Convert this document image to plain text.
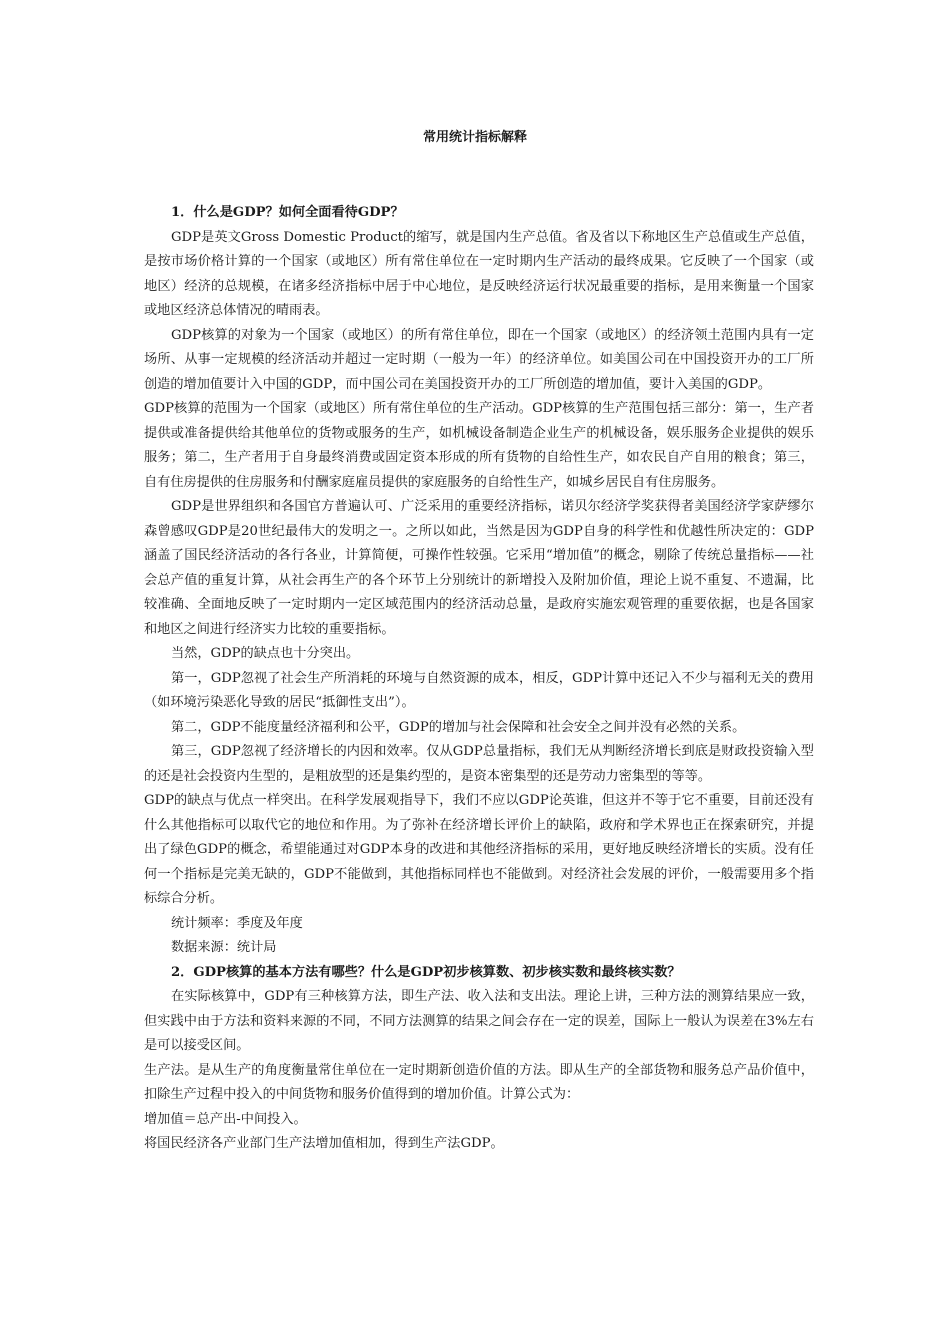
常用统计指标解释

1．什么是GDP？如何全面看待GDP？

GDP是英文Gross Domestic Product的缩写，就是国内生产总值。省及省以下称地区生产总值或生产总值，是按市场价格计算的一个国家（或地区）所有常住单位在一定时期内生产活动的最终成果。它反映了一个国家（或地区）经济的总规模，在诸多经济指标中居于中心地位，是反映经济运行状况最重要的指标，是用来衡量一个国家或地区经济总体情况的晴雨表。

GDP核算的对象为一个国家（或地区）的所有常住单位，即在一个国家（或地区）的经济领土范围内具有一定场所、从事一定规模的经济活动并超过一定时期（一般为一年）的经济单位。如美国公司在中国投资开办的工厂所创造的增加值要计入中国的GDP，而中国公司在美国投资开办的工厂所创造的增加值，要计入美国的GDP。

GDP核算的范围为一个国家（或地区）所有常住单位的生产活动。GDP核算的生产范围包括三部分：第一，生产者提供或准备提供给其他单位的货物或服务的生产，如机械设备制造企业生产的机械设备，娱乐服务企业提供的娱乐服务；第二，生产者用于自身最终消费或固定资本形成的所有货物的自给性生产，如农民自产自用的粮食；第三，自有住房提供的住房服务和付酬家庭雇员提供的家庭服务的自给性生产，如城乡居民自有住房服务。

GDP是世界组织和各国官方普遍认可、广泛采用的重要经济指标，诺贝尔经济学奖获得者美国经济学家萨缪尔森曾感叹GDP是20世纪最伟大的发明之一。之所以如此，当然是因为GDP自身的科学性和优越性所决定的：GDP涵盖了国民经济活动的各行各业，计算简便，可操作性较强。它采用“增加值”的概念，剔除了传统总量指标——社会总产值的重复计算，从社会再生产的各个环节上分别统计的新增投入及附加价值，理论上说不重复、不遗漏，比较准确、全面地反映了一定时期内一定区域范围内的经济活动总量，是政府实施宏观管理的重要依据，也是各国家和地区之间进行经济实力比较的重要指标。

当然，GDP的缺点也十分突出。

第一，GDP忽视了社会生产所消耗的环境与自然资源的成本，相反，GDP计算中还记入不少与福利无关的费用（如环境污染恶化导致的居民“抵御性支出”）。

第二，GDP不能度量经济福利和公平，GDP的增加与社会保障和社会安全之间并没有必然的关系。

第三，GDP忽视了经济增长的内因和效率。仅从GDP总量指标，我们无从判断经济增长到底是财政投资输入型的还是社会投资内生型的，是粗放型的还是集约型的，是资本密集型的还是劳动力密集型的等等。

GDP的缺点与优点一样突出。在科学发展观指导下，我们不应以GDP论英谁，但这并不等于它不重要，目前还没有什么其他指标可以取代它的地位和作用。为了弥补在经济增长评价上的缺陷，政府和学术界也正在探索研究，并提出了绿色GDP的概念，希望能通过对GDP本身的改进和其他经济指标的采用，更好地反映经济增长的实质。没有任何一个指标是完美无缺的，GDP不能做到，其他指标同样也不能做到。对经济社会发展的评价，一般需要用多个指标综合分析。

统计频率：季度及年度

数据来源：统计局

2．GDP核算的基本方法有哪些？什么是GDP初步核算数、初步核实数和最终核实数？

在实际核算中，GDP有三种核算方法，即生产法、收入法和支出法。理论上讲，三种方法的测算结果应一致，但实践中由于方法和资料来源的不同，不同方法测算的结果之间会存在一定的误差，国际上一般认为误差在3%左右是可以接受区间。

生产法。是从生产的角度衡量常住单位在一定时期新创造价值的方法。即从生产的全部货物和服务总产品价值中，扣除生产过程中投入的中间货物和服务价值得到的增加价值。计算公式为：

增加值＝总产出-中间投入。

将国民经济各产业部门生产法增加值相加，得到生产法GDP。
